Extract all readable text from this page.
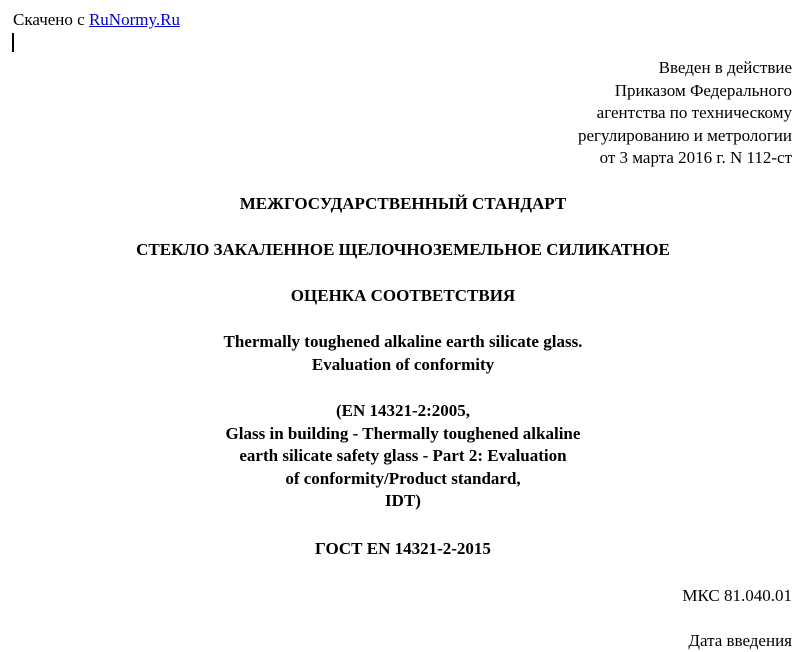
Скачено с RuNormy.Ru
Введен в действие
Приказом Федерального
агентства по техническому
регулированию и метрологии
от 3 марта 2016 г. N 112-ст
МЕЖГОСУДАРСТВЕННЫЙ СТАНДАРТ
СТЕКЛО ЗАКАЛЕННОЕ ЩЕЛОЧНОЗЕМЕЛЬНОЕ СИЛИКАТНОЕ
ОЦЕНКА СООТВЕТСТВИЯ
Thermally toughened alkaline earth silicate glass.
Evaluation of conformity
(EN 14321-2:2005,
Glass in building - Thermally toughened alkaline
earth silicate safety glass - Part 2: Evaluation
of conformity/Product standard,
IDT)
ГОСТ EN 14321-2-2015
МКС 81.040.01
Дата введения
